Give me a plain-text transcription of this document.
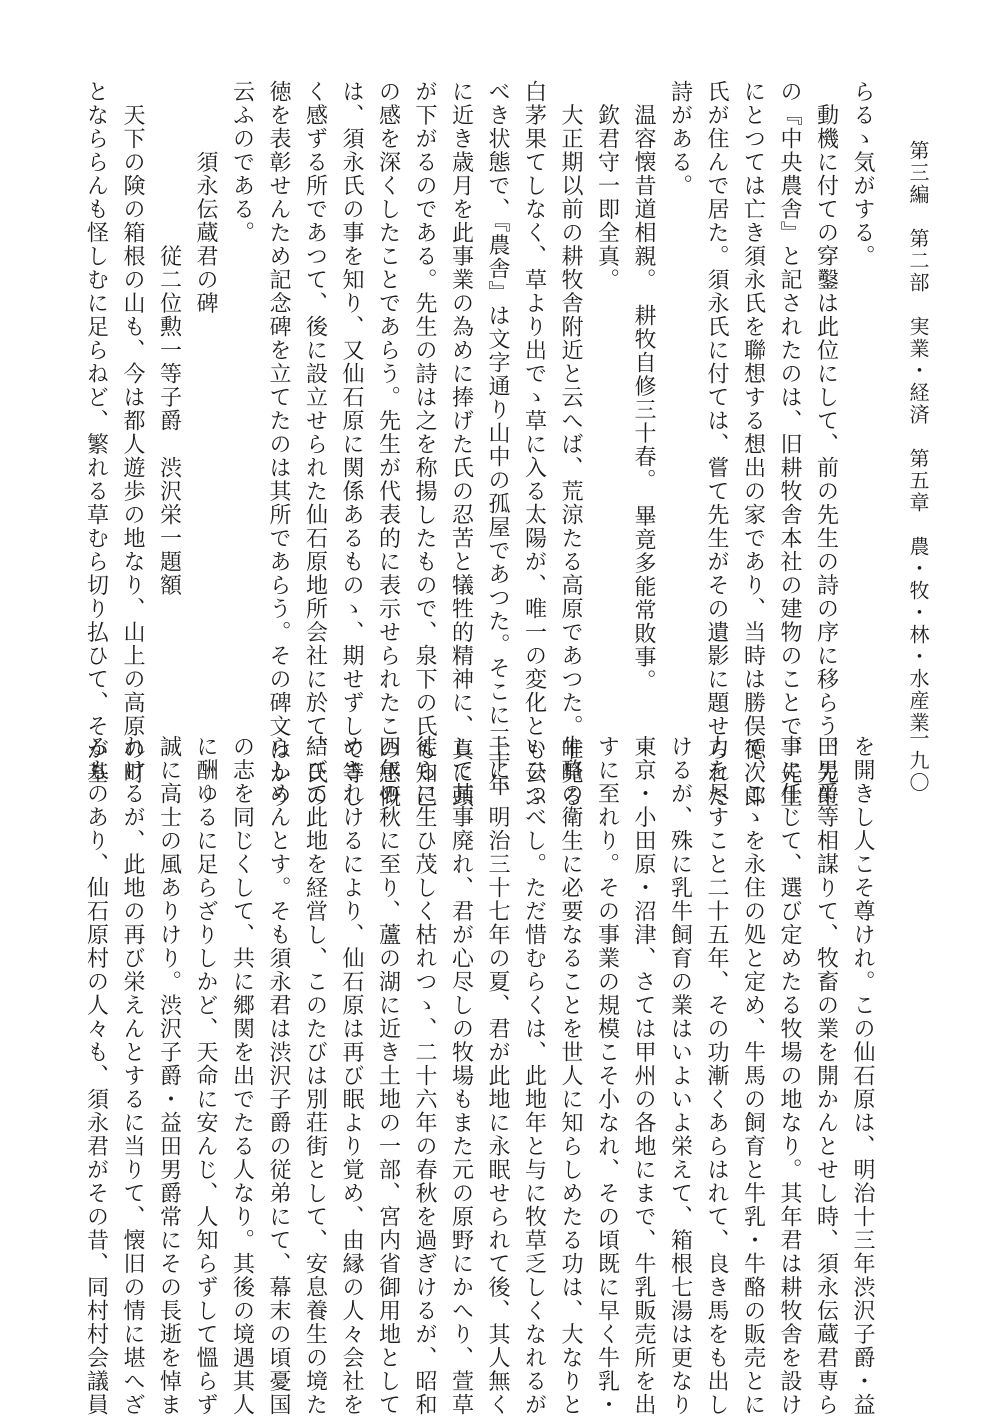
第三編　第二部　実業・経済　第五章　農・牧・林・水産業
一九〇
らるゝ気がする。
　動機に付ての穿鑿は此位にして、前の先生の詩の序に移らう。先生
の『中央農舎』と記されたのは、旧耕牧舎本社の建物のことで、先生
にとつては亡き須永氏を聯想する想出の家であり、当時は勝俣徳次郎
氏が住んで居た。須永氏に付ては、嘗て先生がその遺影に題せられた
詩がある。
　温容懐昔道相親。　耕牧自修三十春。　畢竟多能常敗事。
　欽君守一即全真。
　大正期以前の耕牧舎附近と云へば、荒涼たる高原であつた。唯見る
白茅果てしなく、草より出でゝ草に入る太陽が、唯一の変化とも云ふ
べき状態で、『農舎』は文字通り山中の孤屋であつた。そこに三十年
に近き歳月を此事業の為めに捧げた氏の忍苦と犠牲的精神に、真に頭
が下がるのである。先生の詩は之を称揚したもので、泉下の氏も知己
の感を深くしたことであらう。先生が代表的に表示せられたこの感慨
は、須永氏の事を知り、又仙石原に関係あるものゝ、期せずして等し
く感ずる所であつて、後に設立せられた仙石原地所会社に於て、氏の
徳を表彰せんため記念碑を立てたのは其所であらう。その碑文はかう
云ふのである。
　　　須永伝蔵君の碑
　　　　　　　従二位勲一等子爵　渋沢栄一題額
　天下の険の箱根の山も、今は都人遊歩の地なり、山上の高原の町
となららんも怪しむに足らねど、繁れる草むら切り払ひて、そが基
を開きし人こそ尊けれ。この仙石原は、明治十三年渋沢子爵・益
田男爵等相謀りて、牧畜の業を開かんとせし時、須永伝蔵君専ら
事に任じて、選び定めたる牧場の地なり。其年君は耕牧舎を設け
て、こゝを永住の処と定め、牛馬の飼育と牛乳・牛酪の販売とに
力を尽すこと二十五年、その功漸くあらはれて、良き馬をも出し
けるが、殊に乳牛飼育の業はいよいよ栄えて、箱根七湯は更なり
東京・小田原・沼津、さては甲州の各地にまで、牛乳販売所を出
すに至れり。その事業の規模こそ小なれ、その頃既に早く牛乳・
牛酪の衛生に必要なることを世人に知らしめたる功は、大なりと
いひつべし。ただ惜むらくは、此地年と与に牧草乏しくなれるが
上に、明治三十七年の夏、君が此地に永眠せられて後、其人無く
して其事廃れ、君が心尽しの牧場もまた元の原野にかへり、萱草
徒らに生ひ茂しく枯れつゝ、二十六年の春秋を過ぎけるが、昭和
四年の秋に至り、蘆の湖に近き土地の一部、宮内省御用地として
めされけるにより、仙石原は再び眠より覚め、由縁の人々会社を
結びて此地を経営し、このたびは別荘街として、安息養生の境た
らしめんとす。そも須永君は渋沢子爵の従弟にて、幕末の頃憂国
の志を同じくして、共に郷関を出でたる人なり。其後の境遇其人
に酬ゆるに足らざりしかど、天命に安んじ、人知らずして慍らず
誠に高士の風ありけり。渋沢子爵・益田男爵常にその長逝を悼ま
れけるが、此地の再び栄えんとするに当りて、懐旧の情に堪へざ
るものあり、仙石原村の人々も、須永君がその昔、同村村会議員
